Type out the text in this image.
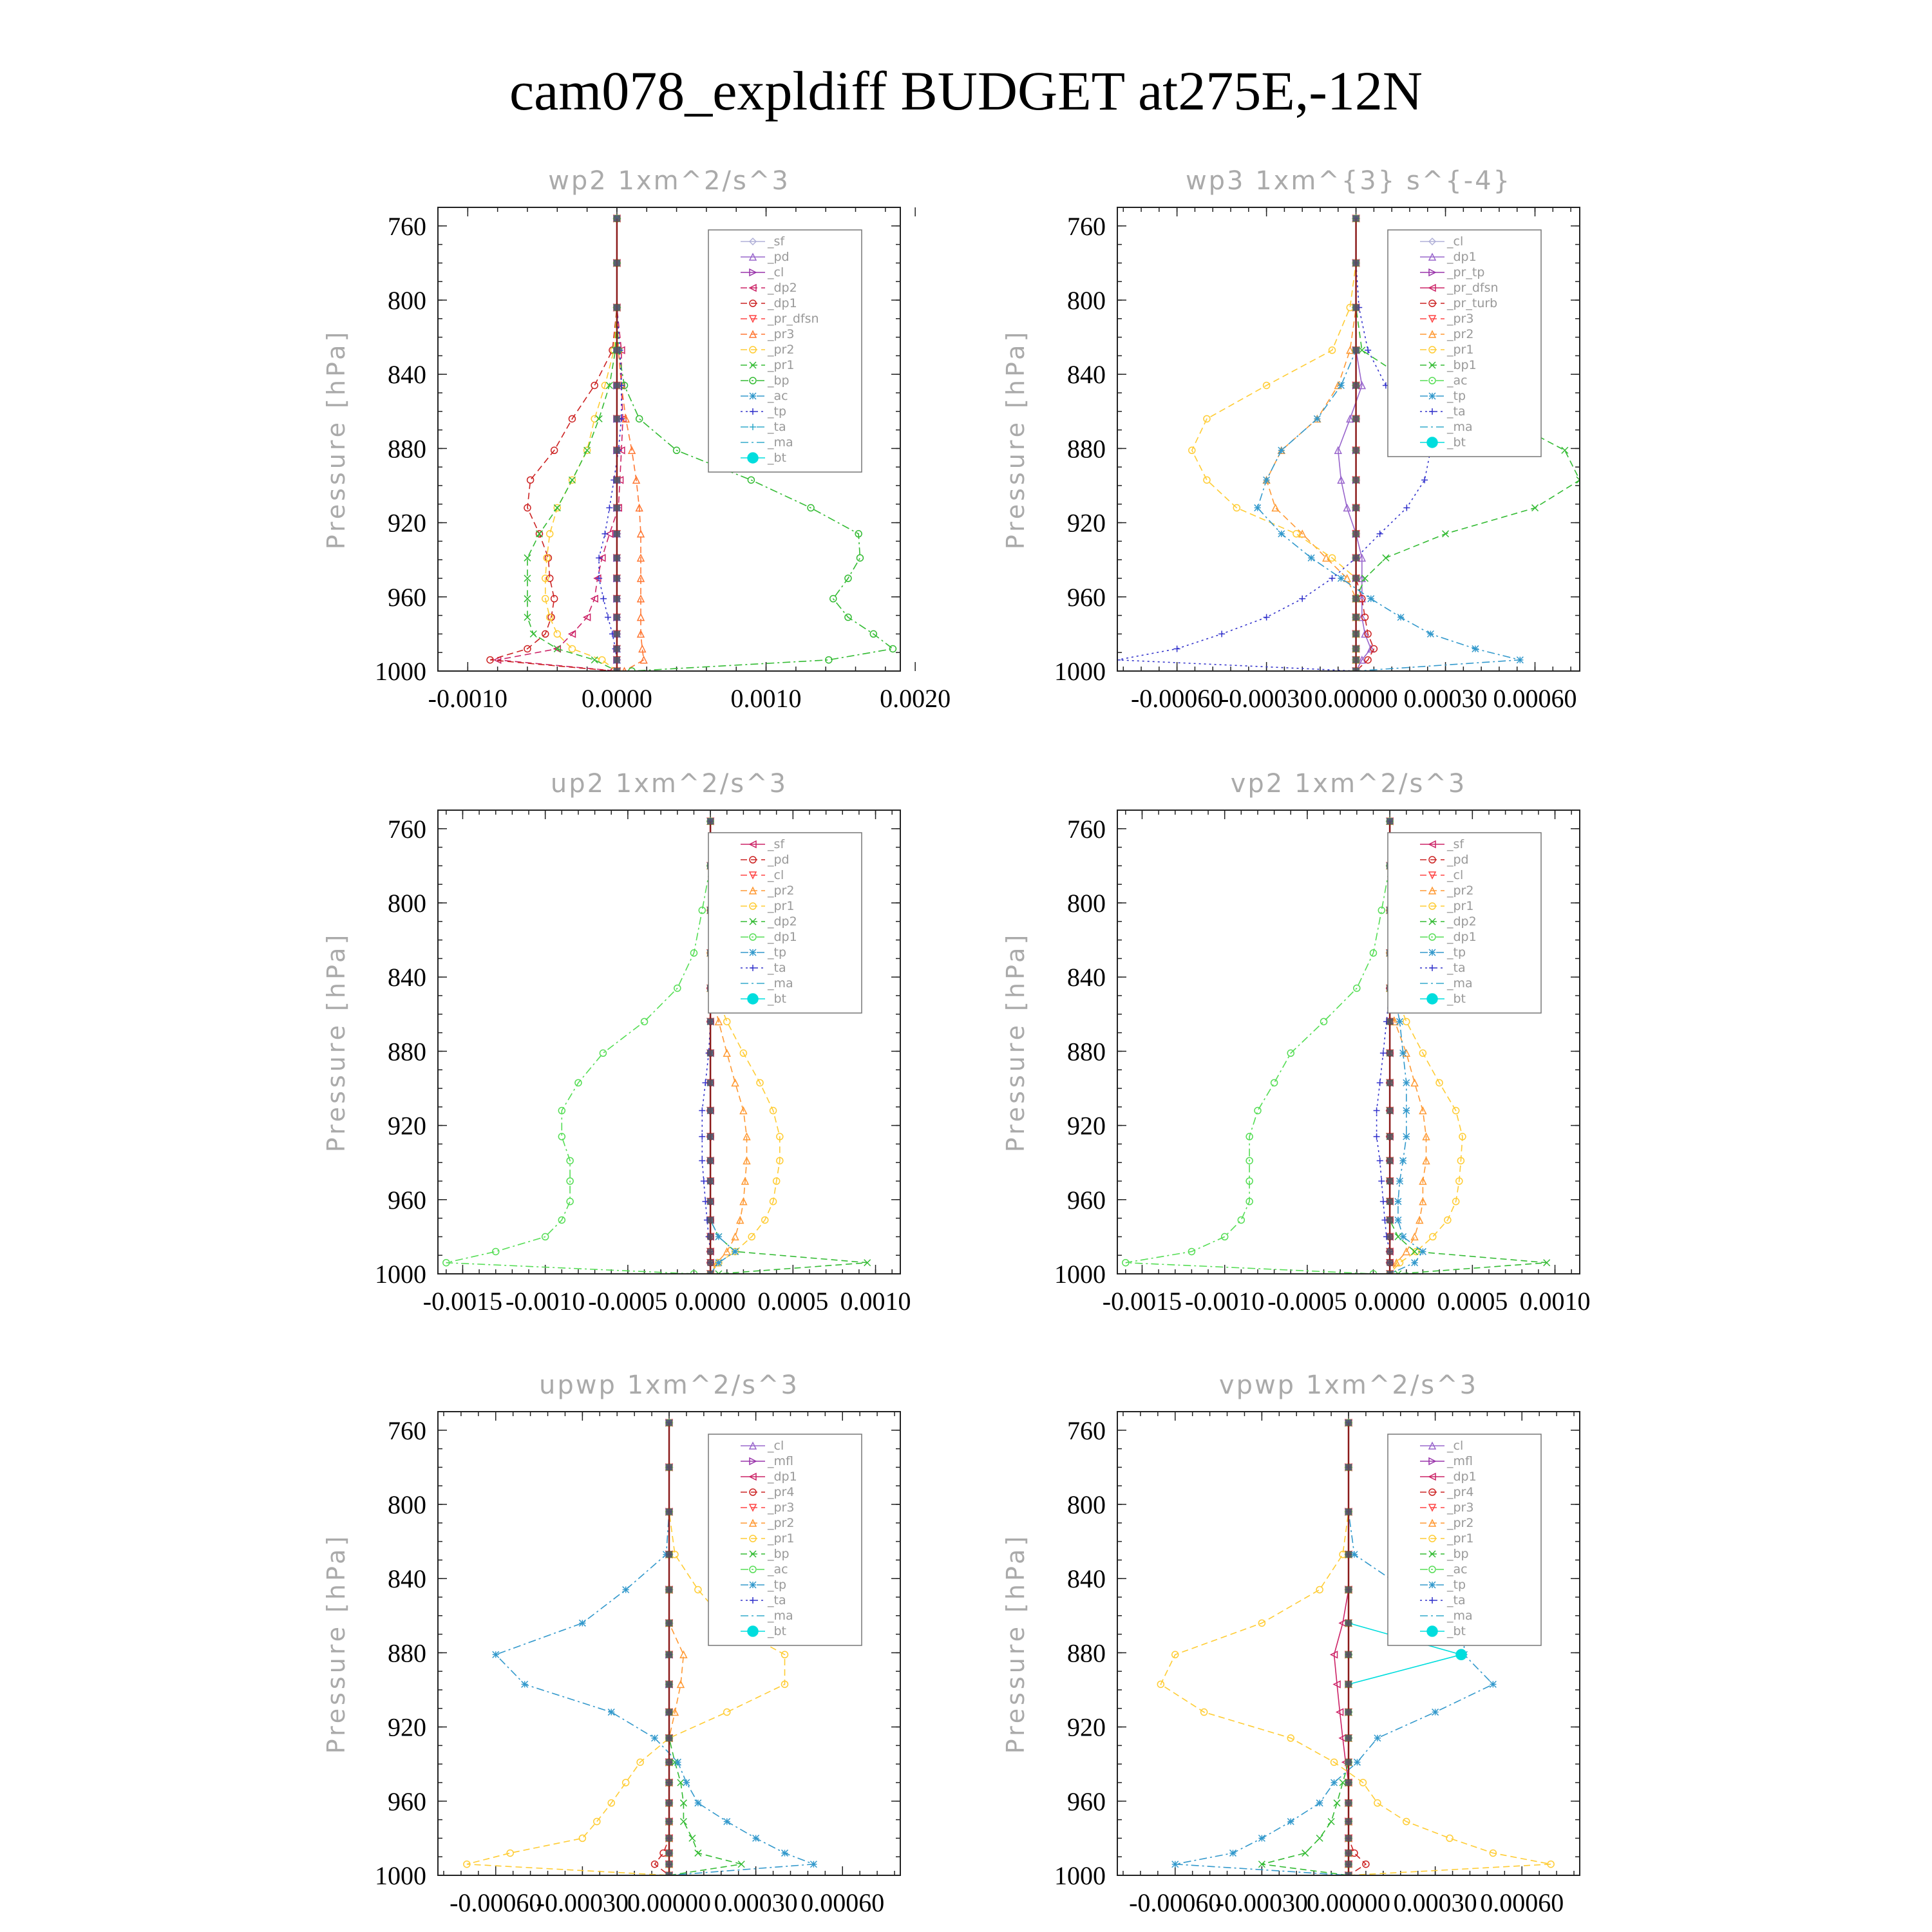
cam078_expldiff BUDGET at275E,-12N
wp2 1xm^2/s^3
Pressure [hPa]
760
800
840
880
920
960
1000
-0.0010	0.0000	0.0010	0.0020
_sf
_pd
_cl
_dp2
_dp1
_pr_dfsn
_pr3
_pr2
_pr1
_bp
_ac
_tp
_ta
_ma
_bt
wp3 1xm^{3} s^{-4}
Pressure [hPa]
760
800
840
880
920
960
1000
-0.00060
-0.00030 0.00000 0.00030 0.00060
_cl
_dp1
_pr_tp
_pr_dfsn
_pr_turb
_pr3
_pr2
_pr1
_bp1
_ac
_tp
_ta
_ma
_bt
up2 1xm^2/s^3
Pressure [hPa]
760
800
840
880
920
960
1000
-0.0015 -0.0010 -0.0005 0.0000 0.0005 0.0010
_sf
_pd
_cl
_pr2
_pr1
_dp2
_dp1
_tp
_ta
_ma
_bt
vp2 1xm^2/s^3
Pressure [hPa]
760
800
840
880
920
960
1000
-0.0015 -0.0010 -0.0005 0.0000 0.0005 0.0010
_sf
_pd
_cl
_pr2
_pr1
_dp2
_dp1
_tp
_ta
_ma
_bt
upwp 1xm^2/s^3
Pressure [hPa]
760
800
840
880
920
960
1000
-0.00060
-0.00030
0.00000 0.00030 0.00060
_cl
_mfl
_dp1
_pr4
_pr3
_pr2
_pr1
_bp
_ac
_tp
_ta
_ma
_bt
vpwp 1xm^2/s^3
Pressure [hPa]
760
800
840
880
920
960
1000
-0.00060
-0.00030
0.00000 0.00030 0.00060
_cl
_mfl
_dp1
_pr4
_pr3
_pr2
_pr1
_bp
_ac
_tp
_ta
_ma
_bt
